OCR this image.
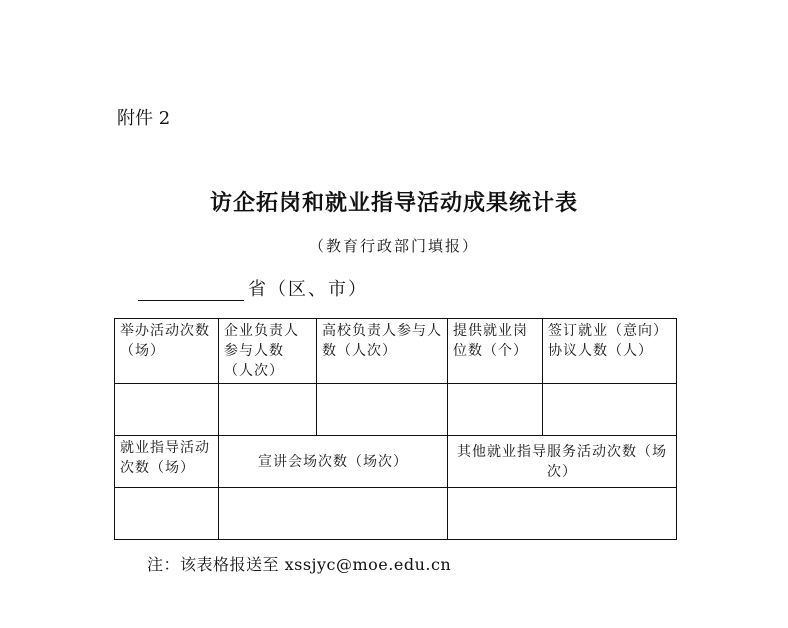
附件 2
访企拓岗和就业指导活动成果统计表
（教育行政部门填报）
省（区、市）
举办活动次数（场）	企业负责人参与人数（人次）	高校负责人参与人数（人次）	提供就业岗位数（个）	签订就业（意向）协议人数（人）

就业指导活动次数（场）	宣讲会场次数（场次）		其他就业指导服务活动次数（场次）	

注：该表格报送至 xssjyc@moe.edu.cn
